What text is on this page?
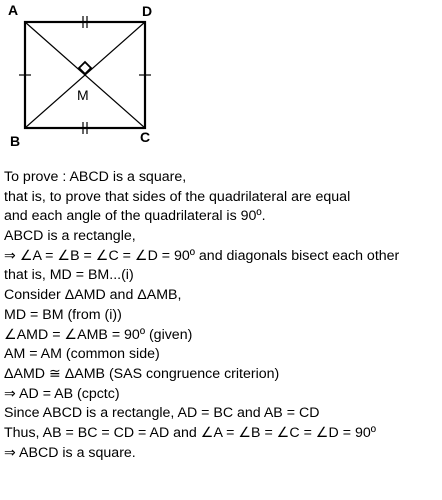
A	D
B	C
M
To prove : ABCD is a square,
that is, to prove that sides of the quadrilateral are equal
and each angle of the quadrilateral is 90º.
ABCD is a rectangle,
⇒ ∠A = ∠B = ∠C = ∠D = 90º and diagonals bisect each other
that is, MD = BM...(i)
Consider ΔAMD and ΔAMB,
MD = BM (from (i))
∠AMD = ∠AMB = 90º (given)
AM = AM (common side)
ΔAMD ≅ ΔAMB (SAS congruence criterion)
⇒ AD = AB (cpctc)
Since ABCD is a rectangle, AD = BC and AB = CD
Thus, AB = BC = CD = AD and ∠A = ∠B = ∠C = ∠D = 90º
⇒ ABCD is a square.
